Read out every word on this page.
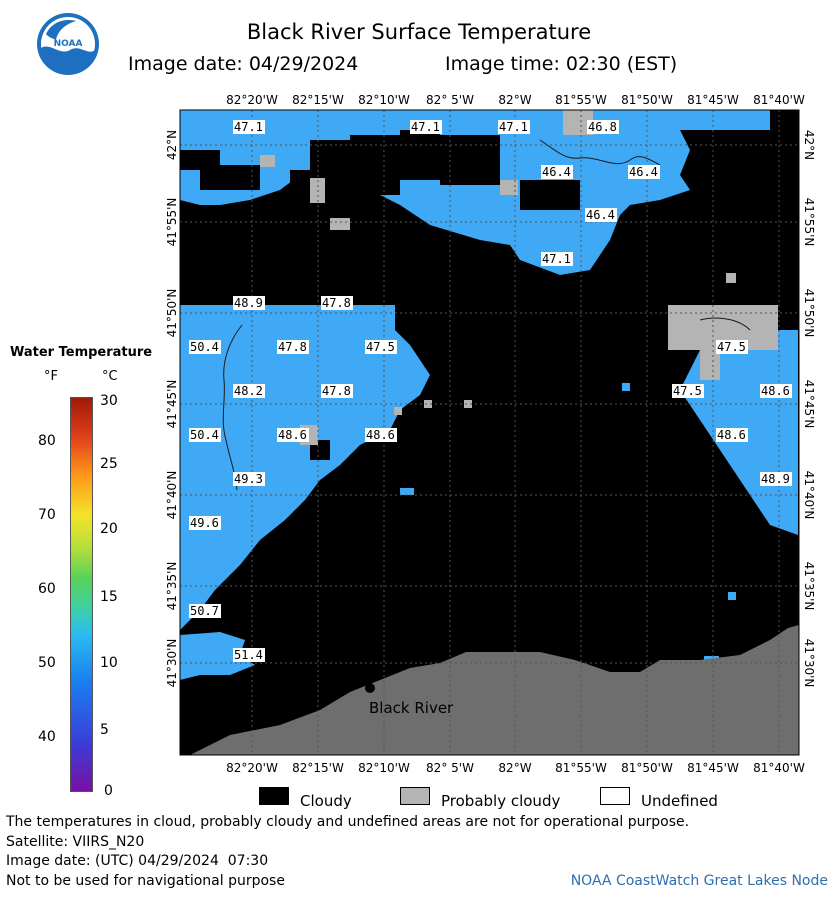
NOAA	Black River Surface Temperature
Image date: 04/29/2024	Image time: 02:30 (EST)
82°20'W 82°15'W 82°10'W 82° 5'W 82°W 81°55'W 81°50'W 81°45'W 81°40'W
82°20'W 82°15'W 82°10'W 82° 5'W 82°W 81°55'W 81°50'W 81°45'W 81°40'W
42°N
41°55'N
41°50'N
41°45'N
41°40'N
41°35'N
41°30'N
42°N
41°55'N
41°50'N
41°45'N
41°40'N
41°35'N
41°30'N
Black River
47.1	47.1	47.1	46.8
46.4	46.4
46.4
47.1
48.9	47.8
50.4	47.8	47.5
48.2	47.8
50.4	48.6	48.6
49.3
49.6
50.7
51.4
47.5
47.5	48.6
48.6
48.9
Water Temperature
°F	°C
80
70
60
50
40
30
25
20
15
10
5
0
Cloudy	Probably cloudy	Undefined
The temperatures in cloud, probably cloudy and undefined areas are not for operational purpose.
Satellite: VIIRS_N20
Image date: (UTC) 04/29/2024  07:30
Not to be used for navigational purpose	NOAA CoastWatch Great Lakes Node
